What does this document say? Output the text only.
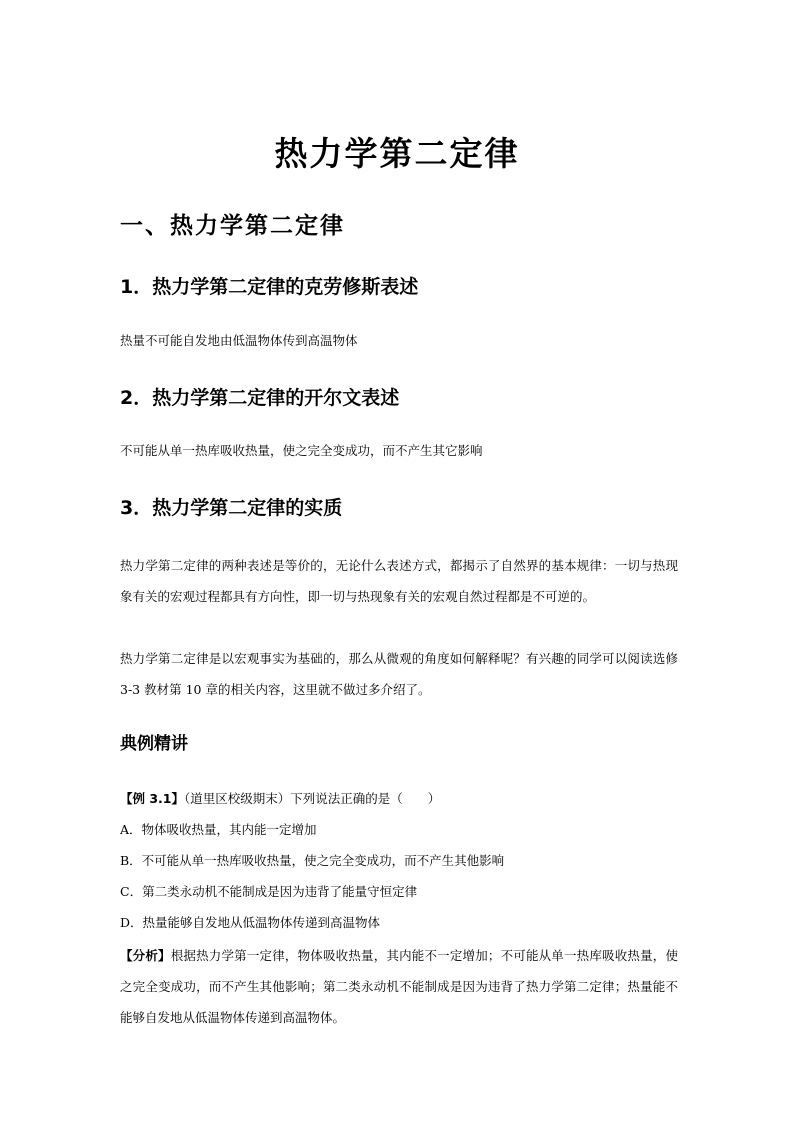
热力学第二定律
一、热力学第二定律
1．热力学第二定律的克劳修斯表述
热量不可能自发地由低温物体传到高温物体
2．热力学第二定律的开尔文表述
不可能从单一热库吸收热量，使之完全变成功，而不产生其它影响
3．热力学第二定律的实质
热力学第二定律的两种表述是等价的，无论什么表述方式，都揭示了自然界的基本规律：一切与热现象有关的宏观过程都具有方向性，即一切与热现象有关的宏观自然过程都是不可逆的。
热力学第二定律是以宏观事实为基础的，那么从微观的角度如何解释呢？有兴趣的同学可以阅读选修 3-3 教材第 10 章的相关内容，这里就不做过多介绍了。
典例精讲
【例 3.1】（道里区校级期末）下列说法正确的是（　　）
A．物体吸收热量，其内能一定增加
B．不可能从单一热库吸收热量，使之完全变成功，而不产生其他影响
C．第二类永动机不能制成是因为违背了能量守恒定律
D．热量能够自发地从低温物体传递到高温物体
【分析】根据热力学第一定律，物体吸收热量，其内能不一定增加；不可能从单一热库吸收热量，使之完全变成功，而不产生其他影响；第二类永动机不能制成是因为违背了热力学第二定律；热量能不能够自发地从低温物体传递到高温物体。
